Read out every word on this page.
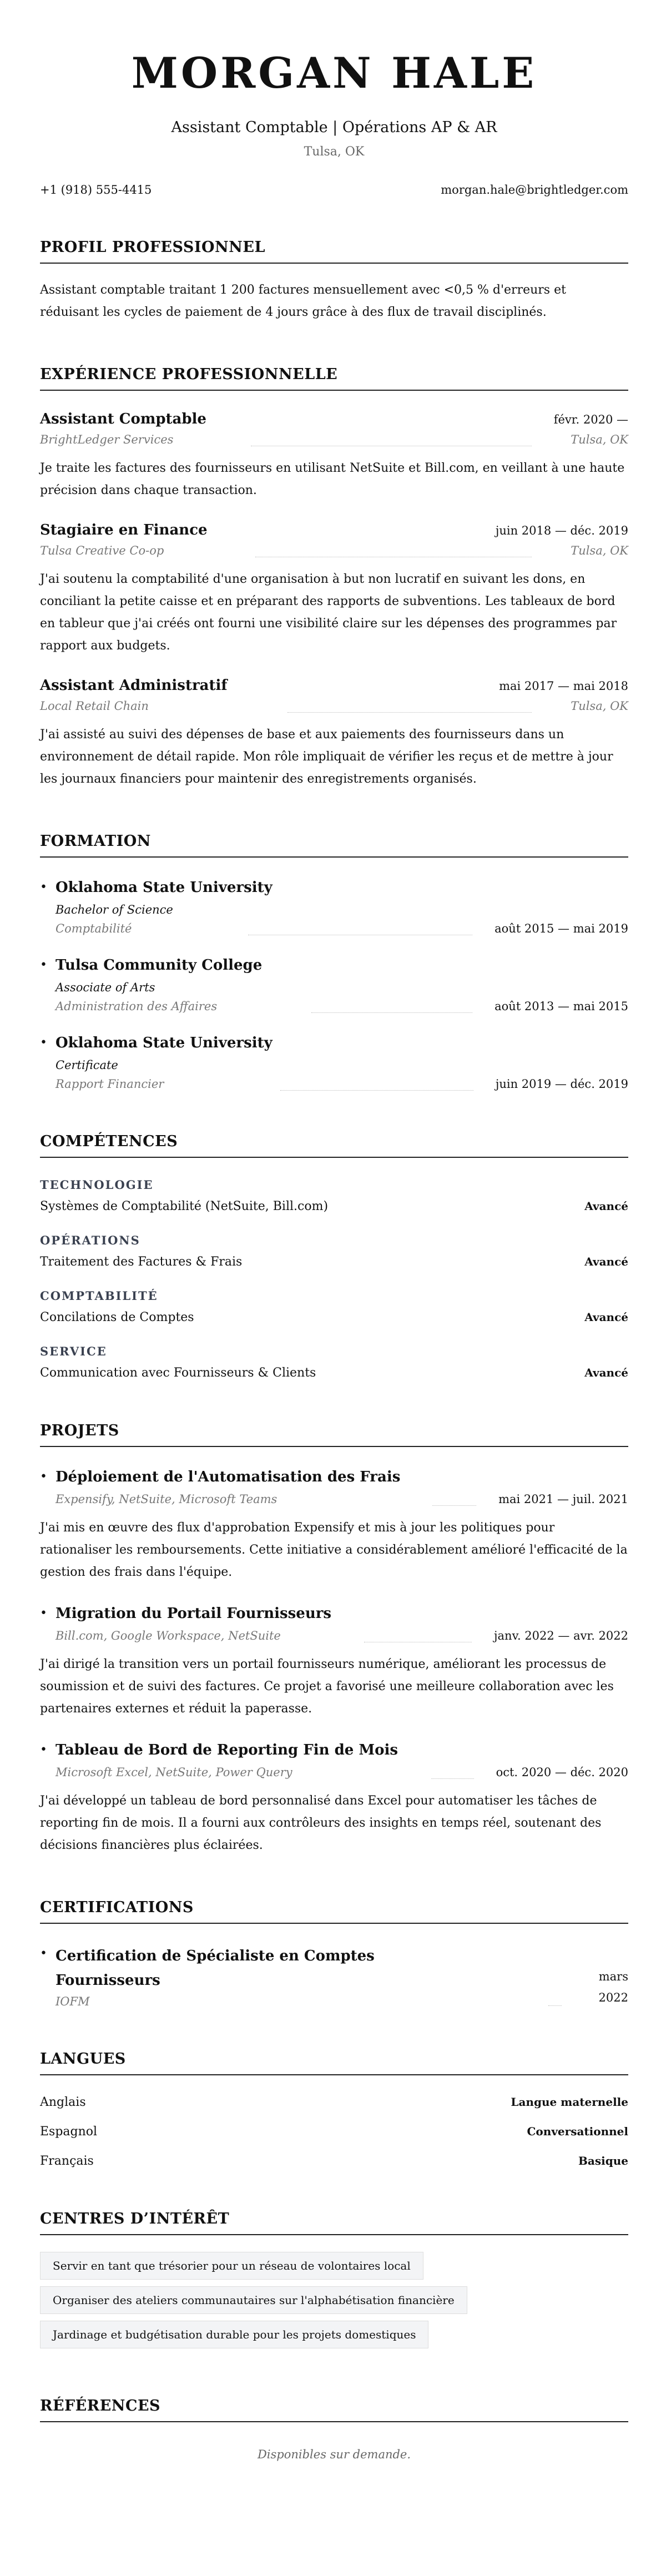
MORGAN HALE
Assistant Comptable | Opérations AP & AR
Tulsa, OK
+1 (918) 555-4415	morgan.hale@brightledger.com
PROFIL PROFESSIONNEL

Assistant comptable traitant 1 200 factures mensuellement avec <0,5 % d'erreurs et réduisant les cycles de paiement de 4 jours grâce à des flux de travail disciplinés.

EXPÉRIENCE PROFESSIONNELLE
Assistant Comptable	févr. 2020 —
BrightLedger Services	Tulsa, OK

Je traite les factures des fournisseurs en utilisant NetSuite et Bill.com, en veillant à une haute précision dans chaque transaction.

Stagiaire en Finance	juin 2018 — déc. 2019
Tulsa Creative Co-op	Tulsa, OK

J'ai soutenu la comptabilité d'une organisation à but non lucratif en suivant les dons, en conciliant la petite caisse et en préparant des rapports de subventions. Les tableaux de bord en tableur que j'ai créés ont fourni une visibilité claire sur les dépenses des programmes par rapport aux budgets.

Assistant Administratif	mai 2017 — mai 2018
Local Retail Chain	Tulsa, OK

J'ai assisté au suivi des dépenses de base et aux paiements des fournisseurs dans un environnement de détail rapide. Mon rôle impliquait de vérifier les reçus et de mettre à jour les journaux financiers pour maintenir des enregistrements organisés.

FORMATION
• Oklahoma State University
Bachelor of Science
Comptabilité	août 2015 — mai 2019
• Tulsa Community College
Associate of Arts
Administration des Affaires	août 2013 — mai 2015
• Oklahoma State University
Certificate
Rapport Financier	juin 2019 — déc. 2019
COMPÉTENCES
TECHNOLOGIE
Systèmes de Comptabilité (NetSuite, Bill.com)	Avancé
OPÉRATIONS
Traitement des Factures & Frais	Avancé
COMPTABILITÉ
Concilations de Comptes	Avancé
SERVICE
Communication avec Fournisseurs & Clients	Avancé
PROJETS
• Déploiement de l'Automatisation des Frais
Expensify, NetSuite, Microsoft Teams	mai 2021 — juil. 2021

J'ai mis en œuvre des flux d'approbation Expensify et mis à jour les politiques pour rationaliser les remboursements. Cette initiative a considérablement amélioré l'efficacité de la gestion des frais dans l'équipe.

• Migration du Portail Fournisseurs
Bill.com, Google Workspace, NetSuite	janv. 2022 — avr. 2022

J'ai dirigé la transition vers un portail fournisseurs numérique, améliorant les processus de soumission et de suivi des factures. Ce projet a favorisé une meilleure collaboration avec les partenaires externes et réduit la paperasse.

• Tableau de Bord de Reporting Fin de Mois
Microsoft Excel, NetSuite, Power Query	oct. 2020 — déc. 2020

J'ai développé un tableau de bord personnalisé dans Excel pour automatiser les tâches de reporting fin de mois. Il a fourni aux contrôleurs des insights en temps réel, soutenant des décisions financières plus éclairées.

CERTIFICATIONS
• Certification de Spécialiste en Comptes Fournisseurs
IOFM
mars 2022
LANGUES
Anglais	Langue maternelle
Espagnol	Conversationnel
Français	Basique
CENTRES D’INTÉRÊT
Servir en tant que trésorier pour un réseau de volontaires local
Organiser des ateliers communautaires sur l'alphabétisation financière
Jardinage et budgétisation durable pour les projets domestiques
RÉFÉRENCES

Disponibles sur demande.
